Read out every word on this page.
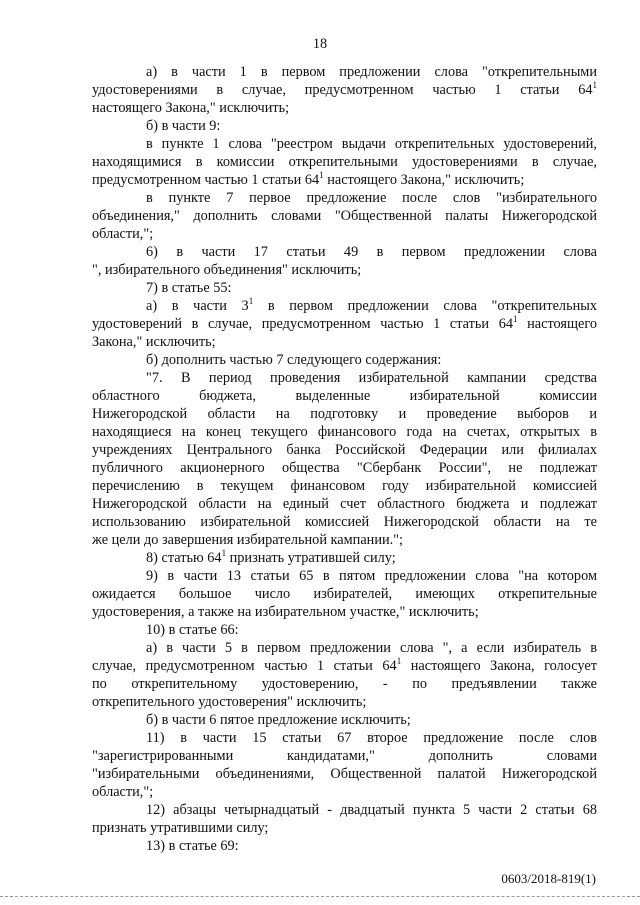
18
а) в части 1 в первом предложении слова "открепительными
удостоверениями в случае, предусмотренном частью 1 статьи $64^1$
настоящего Закона," исключить;
б) в части 9:
в пункте 1 слова "реестром выдачи открепительных удостоверений,
находящимися в комиссии открепительными удостоверениями в случае,
предусмотренном частью 1 статьи $64^1$ настоящего Закона," исключить;
в пункте 7 первое предложение после слов "избирательного
объединения," дополнить словами "Общественной палаты Нижегородской
области,";
6) в части 17 статьи 49 в первом предложении слова
", избирательного объединения" исключить;
7) в статье 55:
а) в части $3^1$ в первом предложении слова "открепительных
удостоверений в случае, предусмотренном частью 1 статьи $64^1$ настоящего
Закона," исключить;
б) дополнить частью 7 следующего содержания:
"7. В период проведения избирательной кампании средства
областного бюджета, выделенные избирательной комиссии
Нижегородской области на подготовку и проведение выборов и
находящиеся на конец текущего финансового года на счетах, открытых в
учреждениях Центрального банка Российской Федерации или филиалах
публичного акционерного общества "Сбербанк России", не подлежат
перечислению в текущем финансовом году избирательной комиссией
Нижегородской области на единый счет областного бюджета и подлежат
использованию избирательной комиссией Нижегородской области на те
же цели до завершения избирательной кампании.";
8) статью $64^1$ признать утратившей силу;
9) в части 13 статьи 65 в пятом предложении слова "на котором
ожидается большое число избирателей, имеющих открепительные
удостоверения, а также на избирательном участке," исключить;
10) в статье 66:
а) в части 5 в первом предложении слова ", а если избиратель в
случае, предусмотренном частью 1 статьи $64^1$ настоящего Закона, голосует
по открепительному удостоверению, - по предъявлении также
открепительного удостоверения" исключить;
б) в части 6 пятое предложение исключить;
11) в части 15 статьи 67 второе предложение после слов
"зарегистрированными кандидатами," дополнить словами
"избирательными объединениями, Общественной палатой Нижегородской
области,";
12) абзацы четырнадцатый - двадцатый пункта 5 части 2 статьи 68
признать утратившими силу;
13) в статье 69:
0603/2018-819(1)
